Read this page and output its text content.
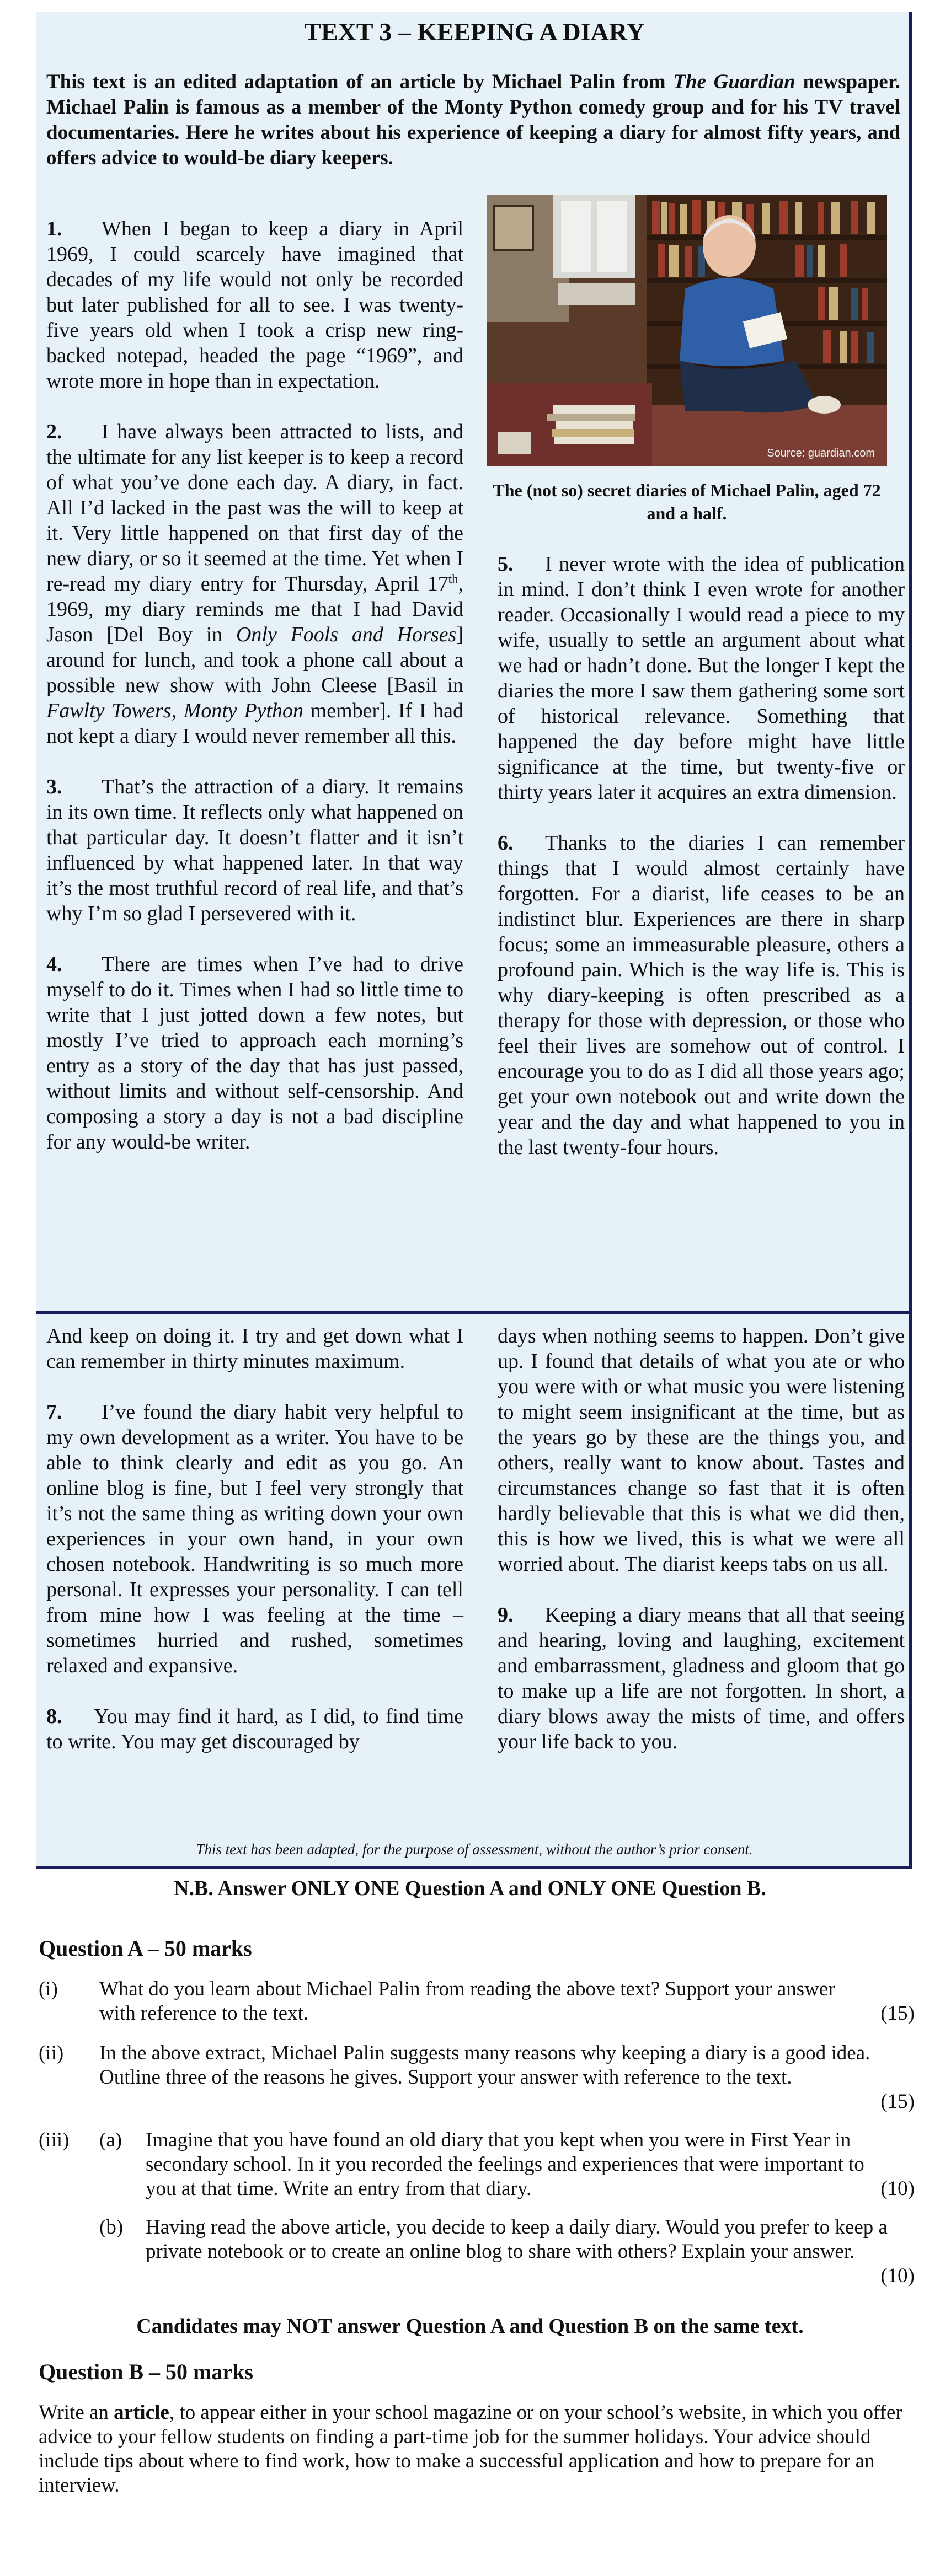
TEXT 3 – KEEPING A DIARY

This text is an edited adaptation of an article by Michael Palin from The Guardian newspaper. Michael Palin is famous as a member of the Monty Python comedy group and for his TV travel documentaries. Here he writes about his experience of keeping a diary for almost fifty years, and offers advice to would-be diary keepers.

Source: guardian.com

The (not so) secret diaries of Michael Palin, aged 72 and a half.

1. When I began to keep a diary in April 1969, I could scarcely have imagined that decades of my life would not only be recorded but later published for all to see. I was twenty-five years old when I took a crisp new ring-backed notepad, headed the page “1969”, and wrote more in hope than in expectation.

2. I have always been attracted to lists, and the ultimate for any list keeper is to keep a record of what you’ve done each day. A diary, in fact. All I’d lacked in the past was the will to keep at it. Very little happened on that first day of the new diary, or so it seemed at the time. Yet when I re-read my diary entry for Thursday, April 17th, 1969, my diary reminds me that I had David Jason [Del Boy in Only Fools and Horses] around for lunch, and took a phone call about a possible new show with John Cleese [Basil in Fawlty Towers, Monty Python member]. If I had not kept a diary I would never remember all this.

3. That’s the attraction of a diary. It remains in its own time. It reflects only what happened on that particular day. It doesn’t flatter and it isn’t influenced by what happened later. In that way it’s the most truthful record of real life, and that’s why I’m so glad I persevered with it.

4. There are times when I’ve had to drive myself to do it. Times when I had so little time to write that I just jotted down a few notes, but mostly I’ve tried to approach each morning’s entry as a story of the day that has just passed, without limits and without self-censorship. And composing a story a day is not a bad discipline for any would-be writer.

5. I never wrote with the idea of publication in mind. I don’t think I even wrote for another reader. Occasionally I would read a piece to my wife, usually to settle an argument about what we had or hadn’t done. But the longer I kept the diaries the more I saw them gathering some sort of historical relevance. Something that happened the day before might have little significance at the time, but twenty-five or thirty years later it acquires an extra dimension.

6. Thanks to the diaries I can remember things that I would almost certainly have forgotten. For a diarist, life ceases to be an indistinct blur. Experiences are there in sharp focus; some an immeasurable pleasure, others a profound pain. Which is the way life is. This is why diary-keeping is often prescribed as a therapy for those with depression, or those who feel their lives are somehow out of control. I encourage you to do as I did all those years ago; get your own notebook out and write down the year and the day and what happened to you in the last twenty-four hours.

And keep on doing it. I try and get down what I can remember in thirty minutes maximum.

7. I’ve found the diary habit very helpful to my own development as a writer. You have to be able to think clearly and edit as you go. An online blog is fine, but I feel very strongly that it’s not the same thing as writing down your own experiences in your own hand, in your own chosen notebook. Handwriting is so much more personal. It expresses your personality. I can tell from mine how I was feeling at the time – sometimes hurried and rushed, sometimes relaxed and expansive.

8. You may find it hard, as I did, to find time to write. You may get discouraged by

days when nothing seems to happen. Don’t give up. I found that details of what you ate or who you were with or what music you were listening to might seem insignificant at the time, but as the years go by these are the things you, and others, really want to know about. Tastes and circumstances change so fast that it is often hardly believable that this is what we did then, this is how we lived, this is what we were all worried about. The diarist keeps tabs on us all.

9. Keeping a diary means that all that seeing and hearing, loving and laughing, excitement and embarrassment, gladness and gloom that go to make up a life are not forgotten. In short, a diary blows away the mists of time, and offers your life back to you.

This text has been adapted, for the purpose of assessment, without the author’s prior consent.

N.B. Answer ONLY ONE Question A and ONLY ONE Question B.

Question A – 50 marks
(i) What do you learn about Michael Palin from reading the above text? Support your answer with reference to the text.	(15)
(ii) In the above extract, Michael Palin suggests many reasons why keeping a diary is a good idea. Outline three of the reasons he gives. Support your answer with reference to the text.
(15)
(iii) (a)	Imagine that you have found an old diary that you kept when you were in First Year in secondary school. In it you recorded the feelings and experiences that were important to you at that time. Write an entry from that diary.	(10)
(b)	Having read the above article, you decide to keep a daily diary. Would you prefer to keep a private notebook or to create an online blog to share with others? Explain your answer.
(10)

Candidates may NOT answer Question A and Question B on the same text.

Question B – 50 marks

Write an article, to appear either in your school magazine or on your school’s website, in which you offer advice to your fellow students on finding a part-time job for the summer holidays. Your advice should include tips about where to find work, how to make a successful application and how to prepare for an interview.
